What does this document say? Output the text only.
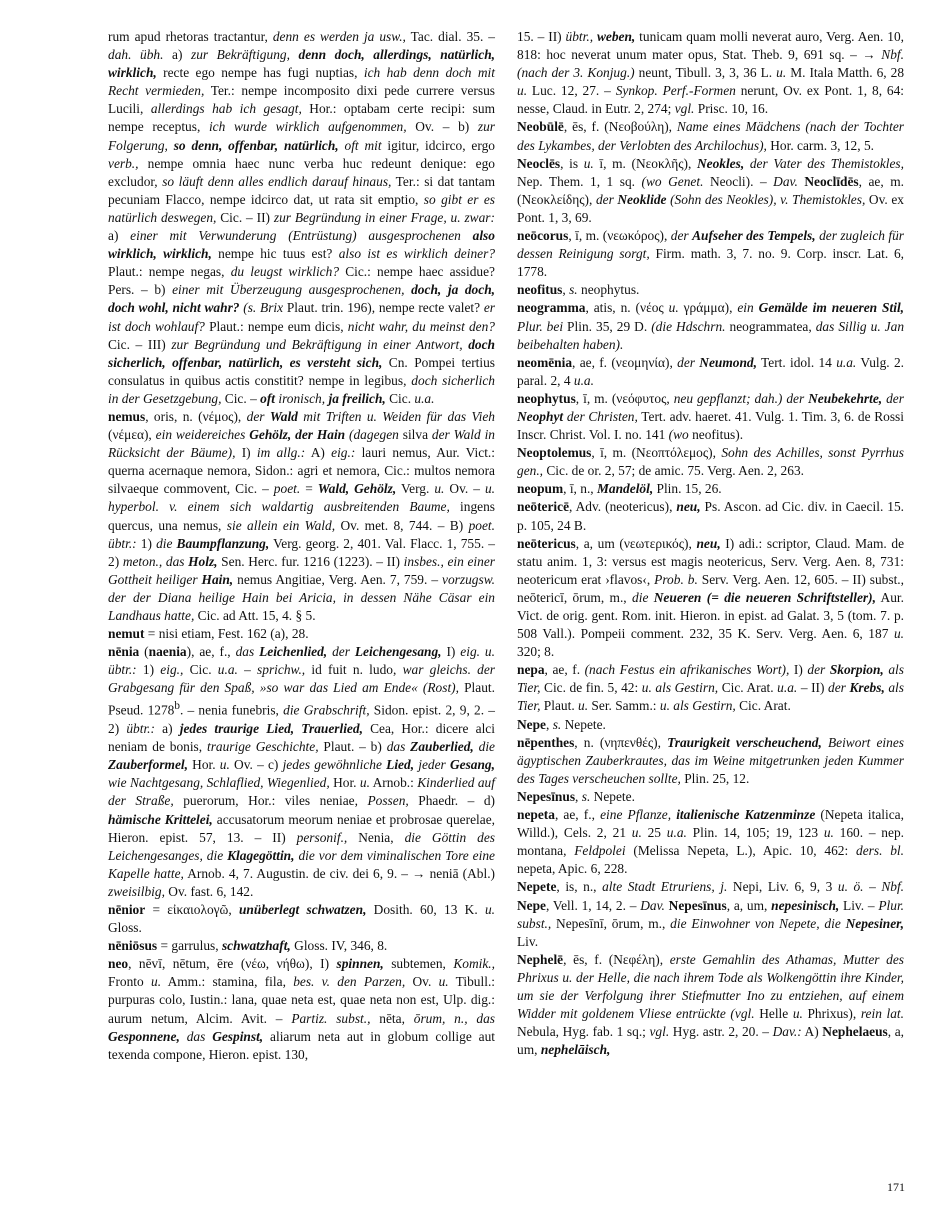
rum apud rhetoras tractantur, denn es werden ja usw., Tac. dial. 35. – dah. übh. a) zur Bekräftigung, denn doch, allerdings, natürlich, wirklich, recte ego nempe has fugi nuptias, ich hab denn doch mit Recht vermieden, Ter.: nempe incomposito dixi pede currere versus Lucili, allerdings hab ich gesagt, Hor.: optabam certe recipi: sum nempe receptus, ich wurde wirklich aufgenommen, Ov. – b) zur Folgerung, so denn, offenbar, natürlich, oft mit igitur, idcirco, ergo verb., nempe omnia haec nunc verba huc redeunt denique: ego excludor, so läuft denn alles endlich darauf hinaus, Ter.: si dat tantam pecuniam Flacco, nempe idcirco dat, ut rata sit emptio, so gibt er es natürlich deswegen, Cic. – II) zur Begründung in einer Frage, u. zwar: a) einer mit Verwunderung (Entrüstung) ausgesprochenen also wirklich, wirklich, nempe hic tuus est? also ist es wirklich deiner? Plaut.: nempe negas, du leugst wirklich? Cic.: nempe haec assidue? Pers. – b) einer mit Überzeugung ausgesprochenen, doch, ja doch, doch wohl, nicht wahr? (s. Brix Plaut. trin. 196), nempe recte valet? er ist doch wohlauf? Plaut.: nempe eum dicis, nicht wahr, du meinst den? Cic. – III) zur Begründung und Bekräftigung in einer Antwort, doch sicherlich, offenbar, natürlich, es versteht sich, Cn. Pompei tertius consulatus in quibus actis constitit? nempe in legibus, doch sicherlich in der Gesetzgebung, Cic. – oft ironisch, ja freilich, Cic. u.a.

nemus, oris, n. (νέμος), der Wald mit Triften u. Weiden für das Vieh (νέμεα), ein weidereiches Gehölz, der Hain (dagegen silva der Wald in Rücksicht der Bäume), I) im allg.: A) eig.: lauri nemus, Aur. Vict.: querna acernaque nemora, Sidon.: agri et nemora, Cic.: multos nemora silvaeque commovent, Cic. – poet. = Wald, Gehölz, Verg. u. Ov. – u. hyperbol. v. einem sich waldartig ausbreitenden Baume, ingens quercus, una nemus, sie allein ein Wald, Ov. met. 8, 744. – B) poet. übtr.: 1) die Baumpflanzung, Verg. georg. 2, 401. Val. Flacc. 1, 755. – 2) meton., das Holz, Sen. Herc. fur. 1216 (1223). – II) insbes., ein einer Gottheit heiliger Hain, nemus Angitiae, Verg. Aen. 7, 759. – vorzugsw. der der Diana heilige Hain bei Aricia, in dessen Nähe Cäsar ein Landhaus hatte, Cic. ad Att. 15, 4. § 5.

nemut = nisi etiam, Fest. 162 (a), 28.

nēnia (naenia), ae, f., das Leichenlied, der Leichengesang, I) eig. u. übtr.: 1) eig., Cic. u.a. – sprichw., id fuit n. ludo, war gleichs. der Grabgesang für den Spaß, »so war das Lied am Ende« (Rost), Plaut. Pseud. 1278$^b$. – nenia funebris, die Grabschrift, Sidon. epist. 2, 9, 2. – 2) übtr.: a) jedes traurige Lied, Trauerlied, Cea, Hor.: dicere alci neniam de bonis, traurige Geschichte, Plaut. – b) das Zauberlied, die Zauberformel, Hor. u. Ov. – c) jedes gewöhnliche Lied, jeder Gesang, wie Nachtgesang, Schlaflied, Wiegenlied, Hor. u. Arnob.: Kinderlied auf der Straße, puerorum, Hor.: viles neniae, Possen, Phaedr. – d) hämische Krittelei, accusatorum meorum neniae et probrosae querelae, Hieron. epist. 57, 13. – II) personif., Nenia, die Göttin des Leichengesanges, die Klagegöttin, die vor dem viminalischen Tore eine Kapelle hatte, Arnob. 4, 7. Augustin. de civ. dei 6, 9. – → neniā (Abl.) zweisilbig, Ov. fast. 6, 142.

nēnior = εἰκαιολογῶ, unüberlegt schwatzen, Dosith. 60, 13 K. u. Gloss.

nēniōsus = garrulus, schwatzhaft, Gloss. IV, 346, 8.

neo, nēvī, nētum, ēre (νέω, νήθω), I) spinnen, subtemen, Komik., Fronto u. Amm.: stamina, fila, bes. v. den Parzen, Ov. u. Tibull.: purpuras colo, Iustin.: lana, quae neta est, quae neta non est, Ulp. dig.: aurum netum, Alcim. Avit. – Partiz. subst., nēta, ōrum, n., das Gesponnene, das Gespinst, aliarum neta aut in globum collige aut texenda compone, Hieron. epist. 130,

15. – II) übtr., weben, tunicam quam molli neverat auro, Verg. Aen. 10, 818: hoc neverat unum mater opus, Stat. Theb. 9, 691 sq. – → Nbf. (nach der 3. Konjug.) neunt, Tibull. 3, 3, 36 L. u. M. Itala Matth. 6, 28 u. Luc. 12, 27. – Synkop. Perf.-Formen nerunt, Ov. ex Pont. 1, 8, 64: nesse, Claud. in Eutr. 2, 274; vgl. Prisc. 10, 16.

Neobūlē, ēs, f. (Νεοβούλη), Name eines Mädchens (nach der Tochter des Lykambes, der Verlobten des Archilochus), Hor. carm. 3, 12, 5.

Neoclēs, is u. ī, m. (Νεοκλῆς), Neokles, der Vater des Themistokles, Nep. Them. 1, 1 sq. (wo Genet. Neocli). – Dav. Neoclīdēs, ae, m. (Νεοκλείδης), der Neoklide (Sohn des Neokles), v. Themistokles, Ov. ex Pont. 1, 3, 69.

neōcorus, ī, m. (νεωκόρος), der Aufseher des Tempels, der zugleich für dessen Reinigung sorgt, Firm. math. 3, 7. no. 9. Corp. inscr. Lat. 6, 1778.

neofitus, s. neophytus.

neogramma, atis, n. (νέος u. γράμμα), ein Gemälde im neueren Stil, Plur. bei Plin. 35, 29 D. (die Hdschrn. neogrammatea, das Sillig u. Jan beibehalten haben).

neomēnia, ae, f. (νεομηνία), der Neumond, Tert. idol. 14 u.a. Vulg. 2. paral. 2, 4 u.a.

neophytus, ī, m. (νεόφυτος, neu gepflanzt; dah.) der Neubekehrte, der Neophyt der Christen, Tert. adv. haeret. 41. Vulg. 1. Tim. 3, 6. de Rossi Inscr. Christ. Vol. I. no. 141 (wo neofitus).

Neoptolemus, ī, m. (Νεοπτόλεμος), Sohn des Achilles, sonst Pyrrhus gen., Cic. de or. 2, 57; de amic. 75. Verg. Aen. 2, 263.

neopum, ī, n., Mandelöl, Plin. 15, 26.

neōtericē, Adv. (neotericus), neu, Ps. Ascon. ad Cic. div. in Caecil. 15. p. 105, 24 B.

neōtericus, a, um (νεωτερικός), neu, I) adi.: scriptor, Claud. Mam. de statu anim. 1, 3: versus est magis neotericus, Serv. Verg. Aen. 8, 731: neotericum erat ›flavos‹, Prob. b. Serv. Verg. Aen. 12, 605. – II) subst., neōtericī, ōrum, m., die Neueren (= die neueren Schriftsteller), Aur. Vict. de orig. gent. Rom. init. Hieron. in epist. ad Galat. 3, 5 (tom. 7. p. 508 Vall.). Pompeii comment. 232, 35 K. Serv. Verg. Aen. 6, 187 u. 320; 8.

nepa, ae, f. (nach Festus ein afrikanisches Wort), I) der Skorpion, als Tier, Cic. de fin. 5, 42: u. als Gestirn, Cic. Arat. u.a. – II) der Krebs, als Tier, Plaut. u. Ser. Samm.: u. als Gestirn, Cic. Arat.

Nepe, s. Nepete.

nēpenthes, n. (νηπενθές), Traurigkeit verscheuchend, Beiwort eines ägyptischen Zauberkrautes, das im Weine mitgetrunken jeden Kummer des Tages verscheuchen sollte, Plin. 25, 12.

Nepesīnus, s. Nepete.

nepeta, ae, f., eine Pflanze, italienische Katzenminze (Nepeta italica, Willd.), Cels. 2, 21 u. 25 u.a. Plin. 14, 105; 19, 123 u. 160. – nep. montana, Feldpolei (Melissa Nepeta, L.), Apic. 10, 462: ders. bl. nepeta, Apic. 6, 228.

Nepete, is, n., alte Stadt Etruriens, j. Nepi, Liv. 6, 9, 3 u. ö. – Nbf. Nepe, Vell. 1, 14, 2. – Dav. Nepesīnus, a, um, nepesinisch, Liv. – Plur. subst., Nepesīnī, ōrum, m., die Einwohner von Nepete, die Nepesiner, Liv.

Nephelē, ēs, f. (Νεφέλη), erste Gemahlin des Athamas, Mutter des Phrixus u. der Helle, die nach ihrem Tode als Wolkengöttin ihre Kinder, um sie der Verfolgung ihrer Stiefmutter Ino zu entziehen, auf einem Widder mit goldenem Vliese entrückte (vgl. Helle u. Phrixus), rein lat. Nebula, Hyg. fab. 1 sq.; vgl. Hyg. astr. 2, 20. – Dav.: A) Nephelaeus, a, um, nephelāisch,

171
